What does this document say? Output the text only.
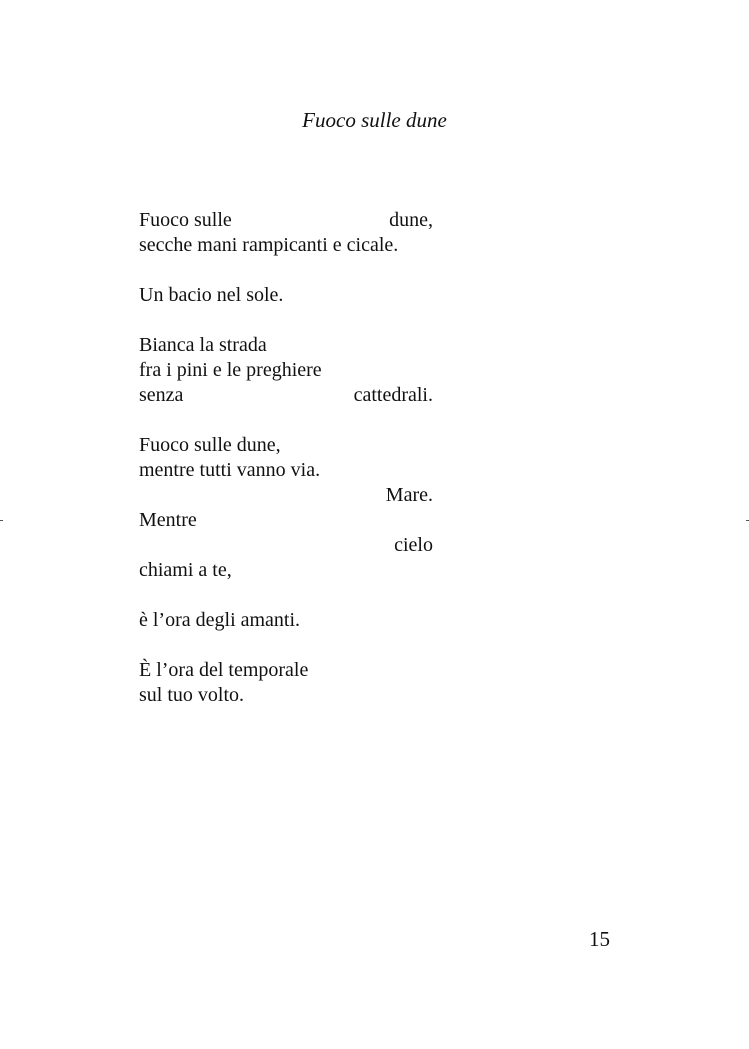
Fuoco sulle dune
Fuoco sulle	dune,
secche mani rampicanti e cicale.
Un bacio nel sole.
Bianca la strada
fra i pini e le preghiere
senza	cattedrali.
Fuoco sulle dune,
mentre tutti vanno via.
Mare.
Mentre
cielo
chiami a te,
è l’ora degli amanti.
È l’ora del temporale
sul tuo volto.
15
